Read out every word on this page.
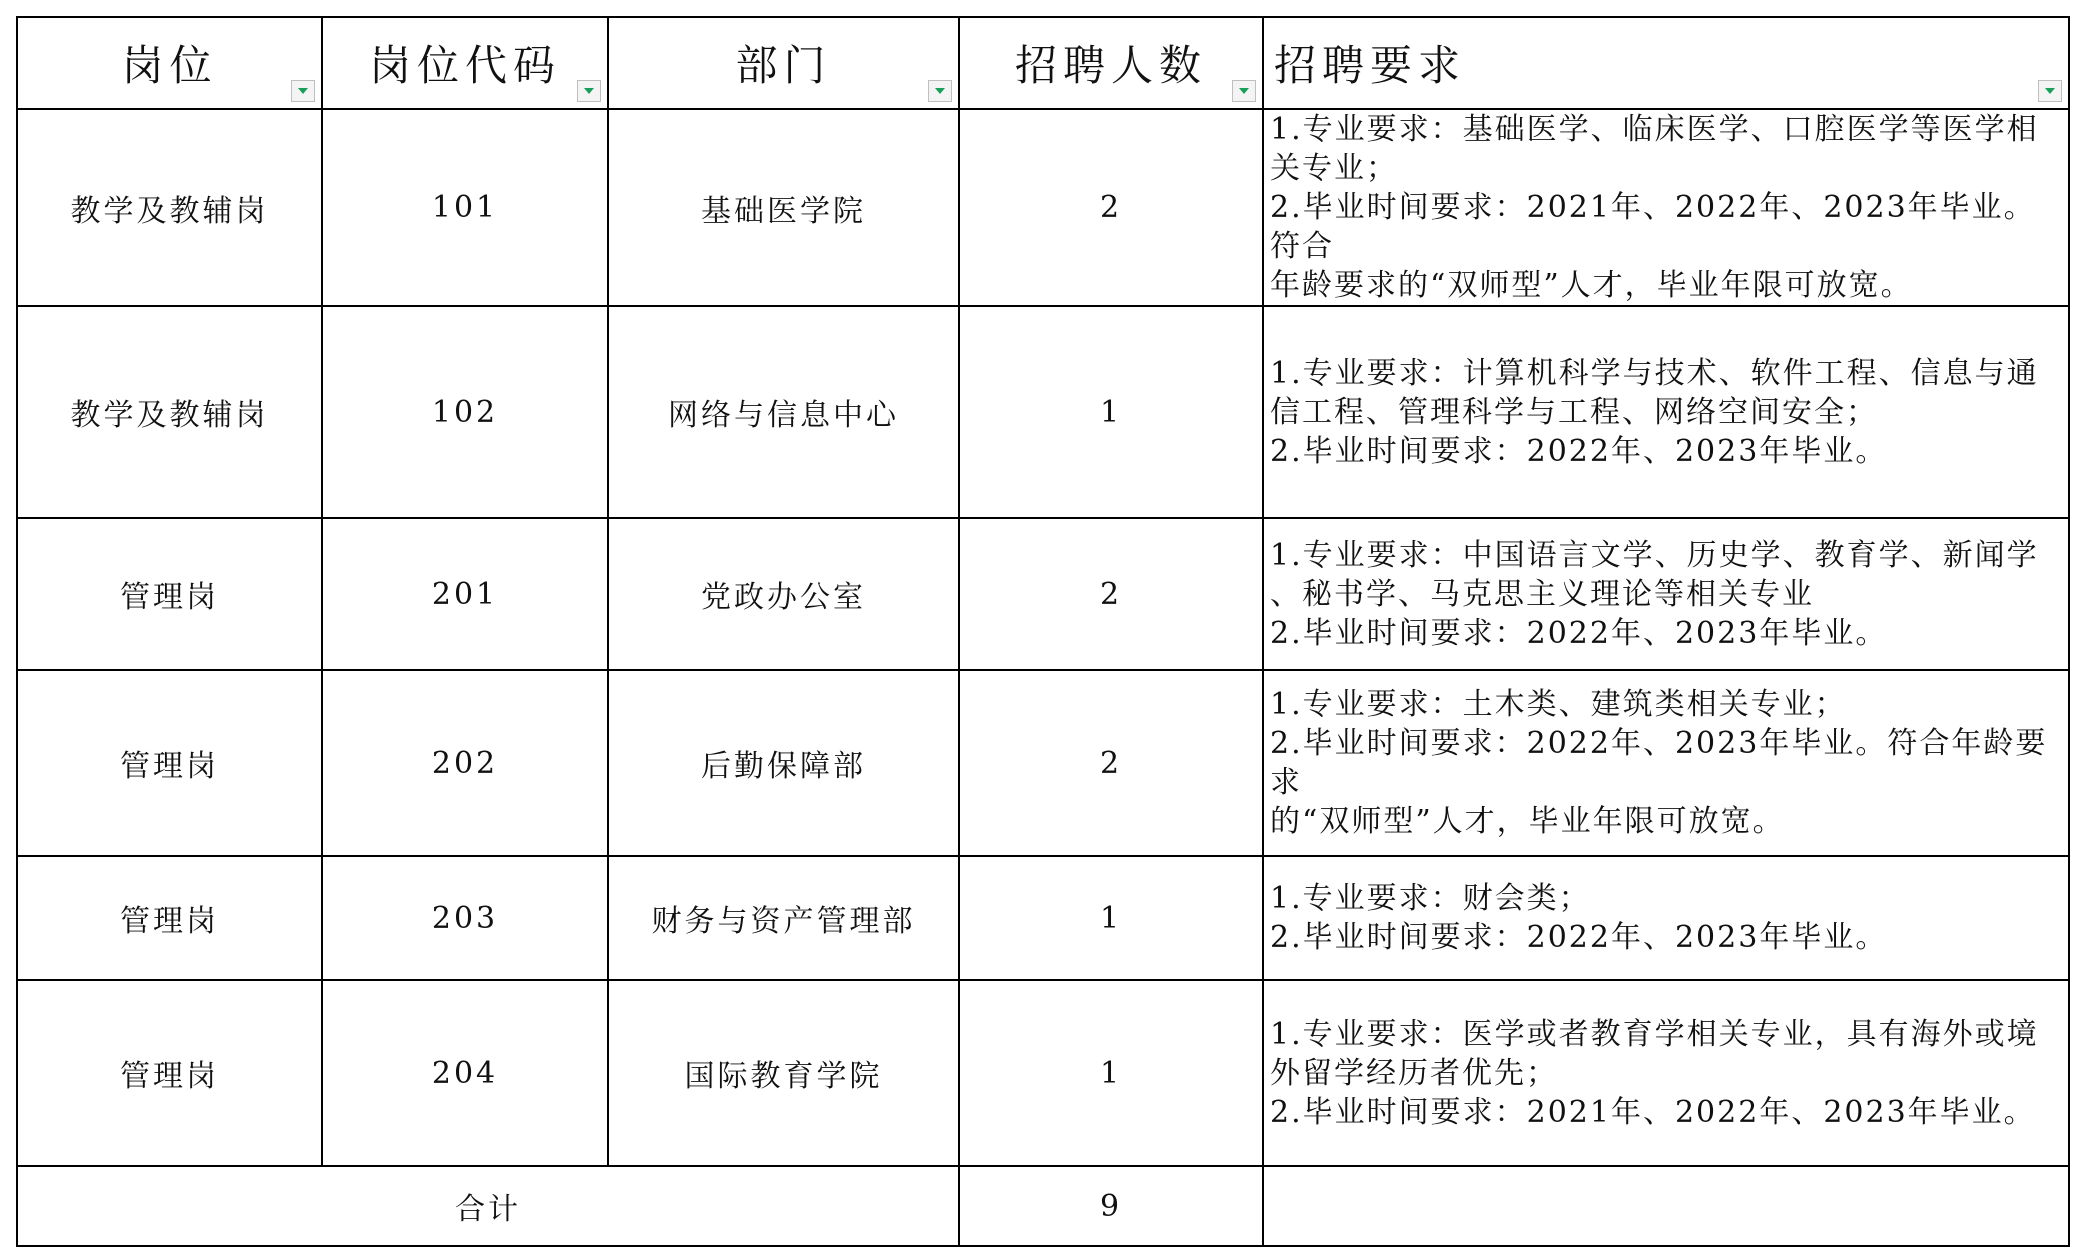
岗位	岗位代码	部门	招聘人数	招聘要求

教学及教辅岗	101	基础医学院	2	1.专业要求：基础医学、临床医学、口腔医学等医学相
关专业；
2.毕业时间要求：2021年、2022年、2023年毕业。符合
年龄要求的“双师型”人才，毕业年限可放宽。

教学及教辅岗	102	网络与信息中心	1	1.专业要求：计算机科学与技术、软件工程、信息与通
信工程、管理科学与工程、网络空间安全；
2.毕业时间要求：2022年、2023年毕业。

管理岗	201	党政办公室	2	1.专业要求：中国语言文学、历史学、教育学、新闻学
、秘书学、马克思主义理论等相关专业
2.毕业时间要求：2022年、2023年毕业。

管理岗	202	后勤保障部	2	1.专业要求：土木类、建筑类相关专业；
2.毕业时间要求：2022年、2023年毕业。符合年龄要求
的“双师型”人才，毕业年限可放宽。

管理岗	203	财务与资产管理部	1	1.专业要求：财会类；
2.毕业时间要求：2022年、2023年毕业。

管理岗	204	国际教育学院	1	1.专业要求：医学或者教育学相关专业，具有海外或境
外留学经历者优先；
2.毕业时间要求：2021年、2022年、2023年毕业。

合计			9	
